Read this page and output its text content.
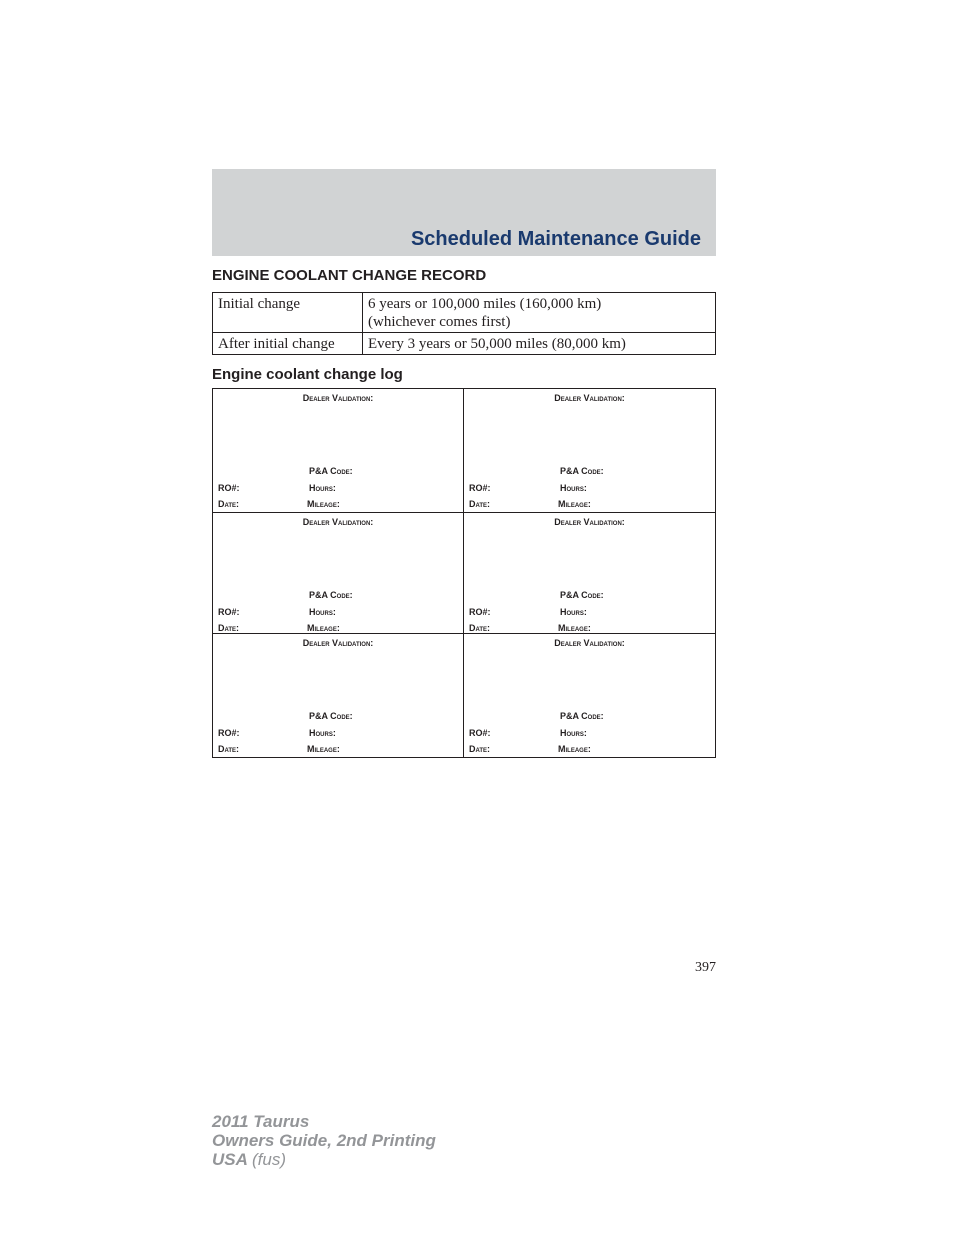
Scheduled Maintenance Guide
ENGINE COOLANT CHANGE RECORD
Initial change	6 years or 100,000 miles (160,000 km)
(whichever comes first)

After initial change	Every 3 years or 50,000 miles (80,000 km)
Engine coolant change log
Dealer Validation:
P&A Code:
RO#:	Hours:
Date:	Mileage:
Dealer Validation:
P&A Code:
RO#:	Hours:
Date:	Mileage:
Dealer Validation:
P&A Code:
RO#:	Hours:
Date:	Mileage:
Dealer Validation:
P&A Code:
RO#:	Hours:
Date:	Mileage:
Dealer Validation:
P&A Code:
RO#:	Hours:
Date:	Mileage:
Dealer Validation:
P&A Code:
RO#:	Hours:
Date:	Mileage:
397
2011 Taurus
Owners Guide, 2nd Printing
USA (fus)
